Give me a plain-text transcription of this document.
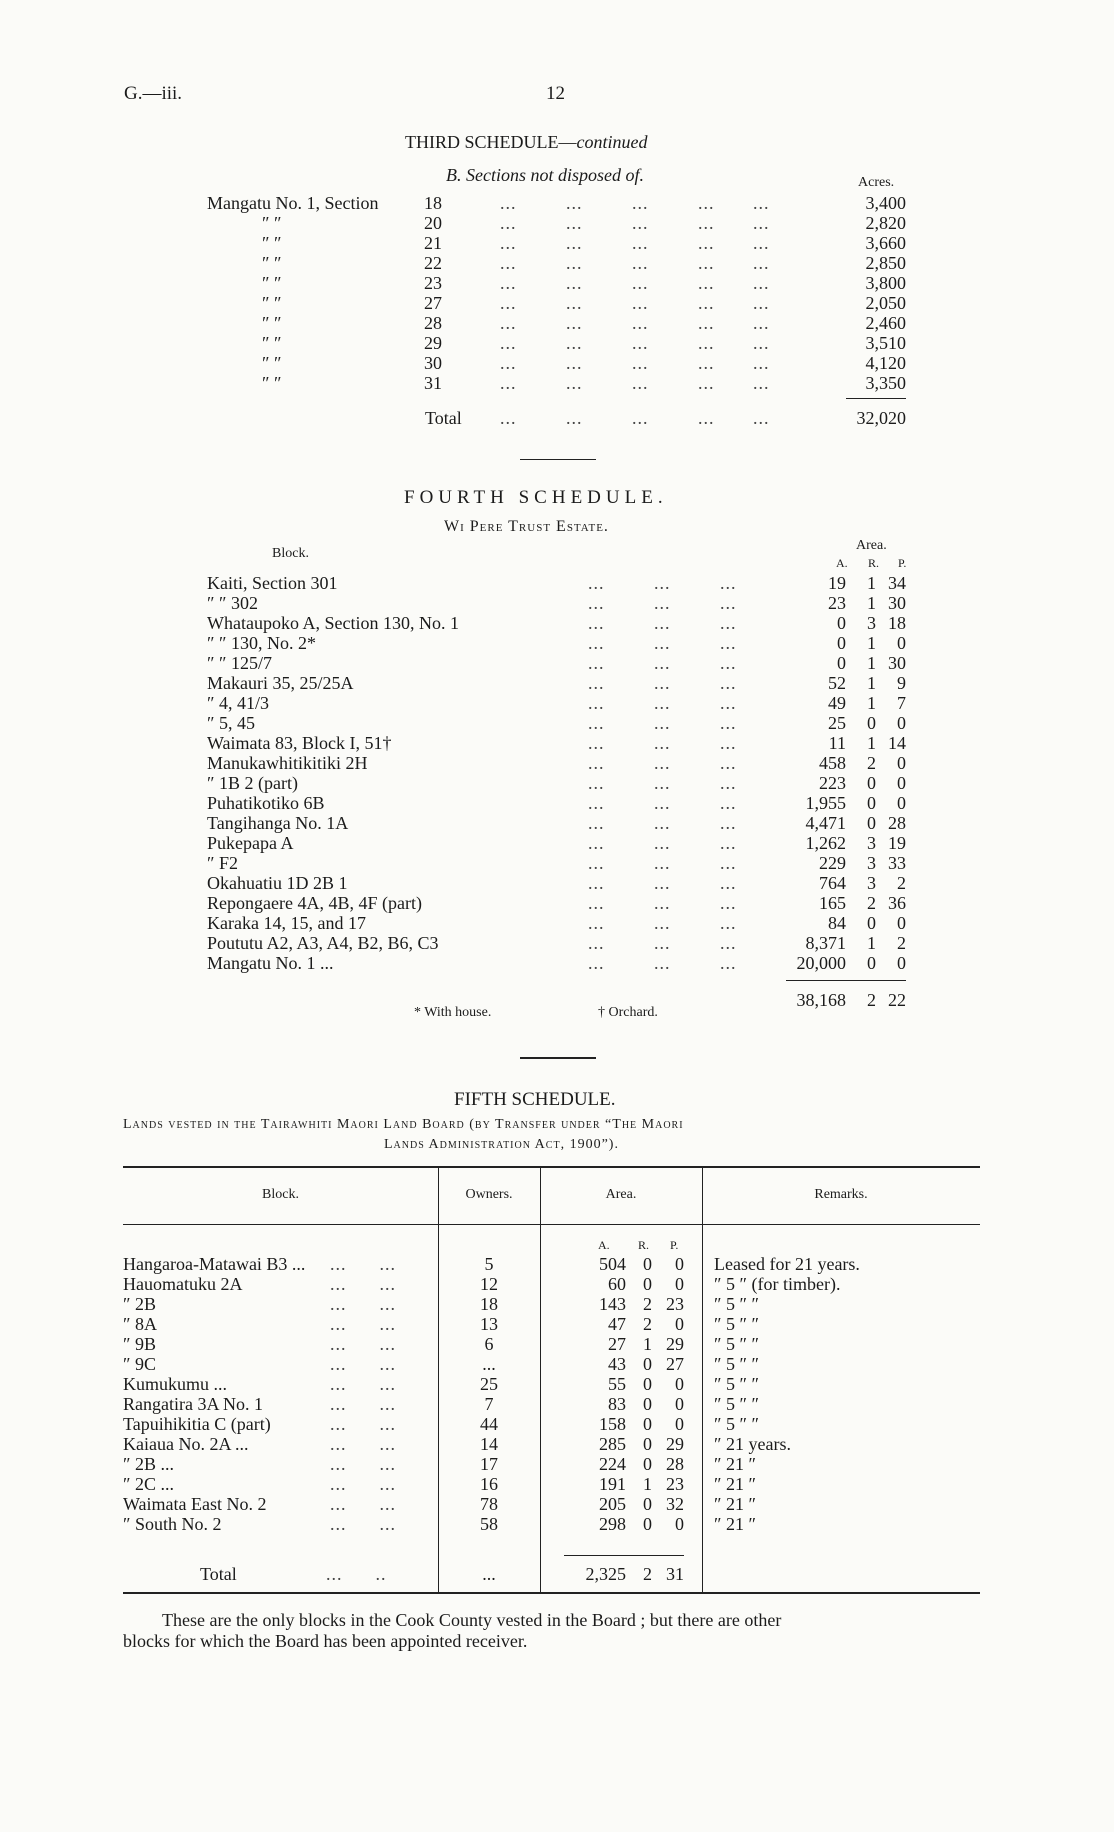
G.—iii.	12
THIRD SCHEDULE—continued
B. Sections not disposed of.	Acres.
Mangatu No. 1, Section	18	...         ...         ...         ...       ...	3,400
″ ″	20	...         ...         ...         ...       ...	2,820
″ ″	21	...         ...         ...         ...       ...	3,660
″ ″	22	...         ...         ...         ...       ...	2,850
″ ″	23	...         ...         ...         ...       ...	3,800
″ ″	27	...         ...         ...         ...       ...	2,050
″ ″	28	...         ...         ...         ...       ...	2,460
″ ″	29	...         ...         ...         ...       ...	3,510
″ ″	30	...         ...         ...         ...       ...	4,120
″ ″	31	...         ...         ...         ...       ...	3,350
Total ...         ...         ...         ...       ...	32,020
FOURTH SCHEDULE.
Wi Pere Trust Estate.
Block.
Area.
A. R. P.
Kaiti, Section 301	...         ...         ...	19	1 34
″ ″ 302	...         ...         ...	23	1 30
Whataupoko A, Section 130, No. 1	...         ...         ...	0	3 18
″ ″ 130, No. 2*	...         ...         ...	0	1	0
″ ″ 125/7	...         ...         ...	0	1 30
Makauri 35, 25/25A	...         ...         ...	52	1	9
″ 4, 41/3	...         ...         ...	49	1	7
″ 5, 45	...         ...         ...	25	0	0
Waimata 83, Block I, 51†	...         ...         ...	11	1 14
Manukawhitikitiki 2H	...         ...         ...	458	2	0
″ 1B 2 (part)	...         ...         ...	223	0	0
Puhatikotiko 6B	...         ...         ...	1,955	0	0
Tangihanga No. 1A	...         ...         ...	4,471	0 28
Pukepapa A	...         ...         ...	1,262	3 19
″ F2	...         ...         ...	229	3 33
Okahuatiu 1D 2B 1	...         ...         ...	764	3	2
Repongaere 4A, 4B, 4F (part)	...         ...         ...	165	2 36
Karaka 14, 15, and 17	...         ...         ...	84	0	0
Poututu A2, A3, A4, B2, B6, C3	...         ...         ...	8,371	1	2
Mangatu No. 1 ...	...         ...         ...	20,000	0	0
38,168	2 22
* With house.	† Orchard.
FIFTH SCHEDULE.
Lands vested in the Tairawhiti Maori Land Board (by Transfer under “The Maori
Lands Administration Act, 1900”).
Block.	Owners.	Area.	Remarks.
A. R. P.
Hangaroa-Matawai B3 ... ...      ...	5	504 0	0 Leased for 21 years.
Hauomatuku 2A	...      ...	12	60 0	0 ″ 5 ″ (for timber).
″ 2B	...      ...	18	143 2 23 ″ 5 ″ ″
″ 8A	...      ...	13	47 2	0 ″ 5 ″ ″
″ 9B	...      ...	6	27 1 29 ″ 5 ″ ″
″ 9C	...      ...	...	43 0 27 ″ 5 ″ ″
Kumukumu ...	...      ...	25	55 0	0 ″ 5 ″ ″
Rangatira 3A No. 1	...      ...	7	83 0	0 ″ 5 ″ ″
Tapuihikitia C (part)	...      ...	44	158 0	0 ″ 5 ″ ″
Kaiaua No. 2A ...	...      ...	14	285 0 29 ″ 21 years.
″ 2B ...	...      ...	17	224 0 28 ″ 21 ″
″ 2C ...	...      ...	16	191 1 23 ″ 21 ″
Waimata East No. 2	...      ...	78	205 0 32 ″ 21 ″
″ South No. 2	...      ...	58	298 0	0 ″ 21 ″
Total	...      ..	...	2,325 2 31
These are the only blocks in the Cook County vested in the Board ; but there are other
blocks for which the Board has been appointed receiver.
